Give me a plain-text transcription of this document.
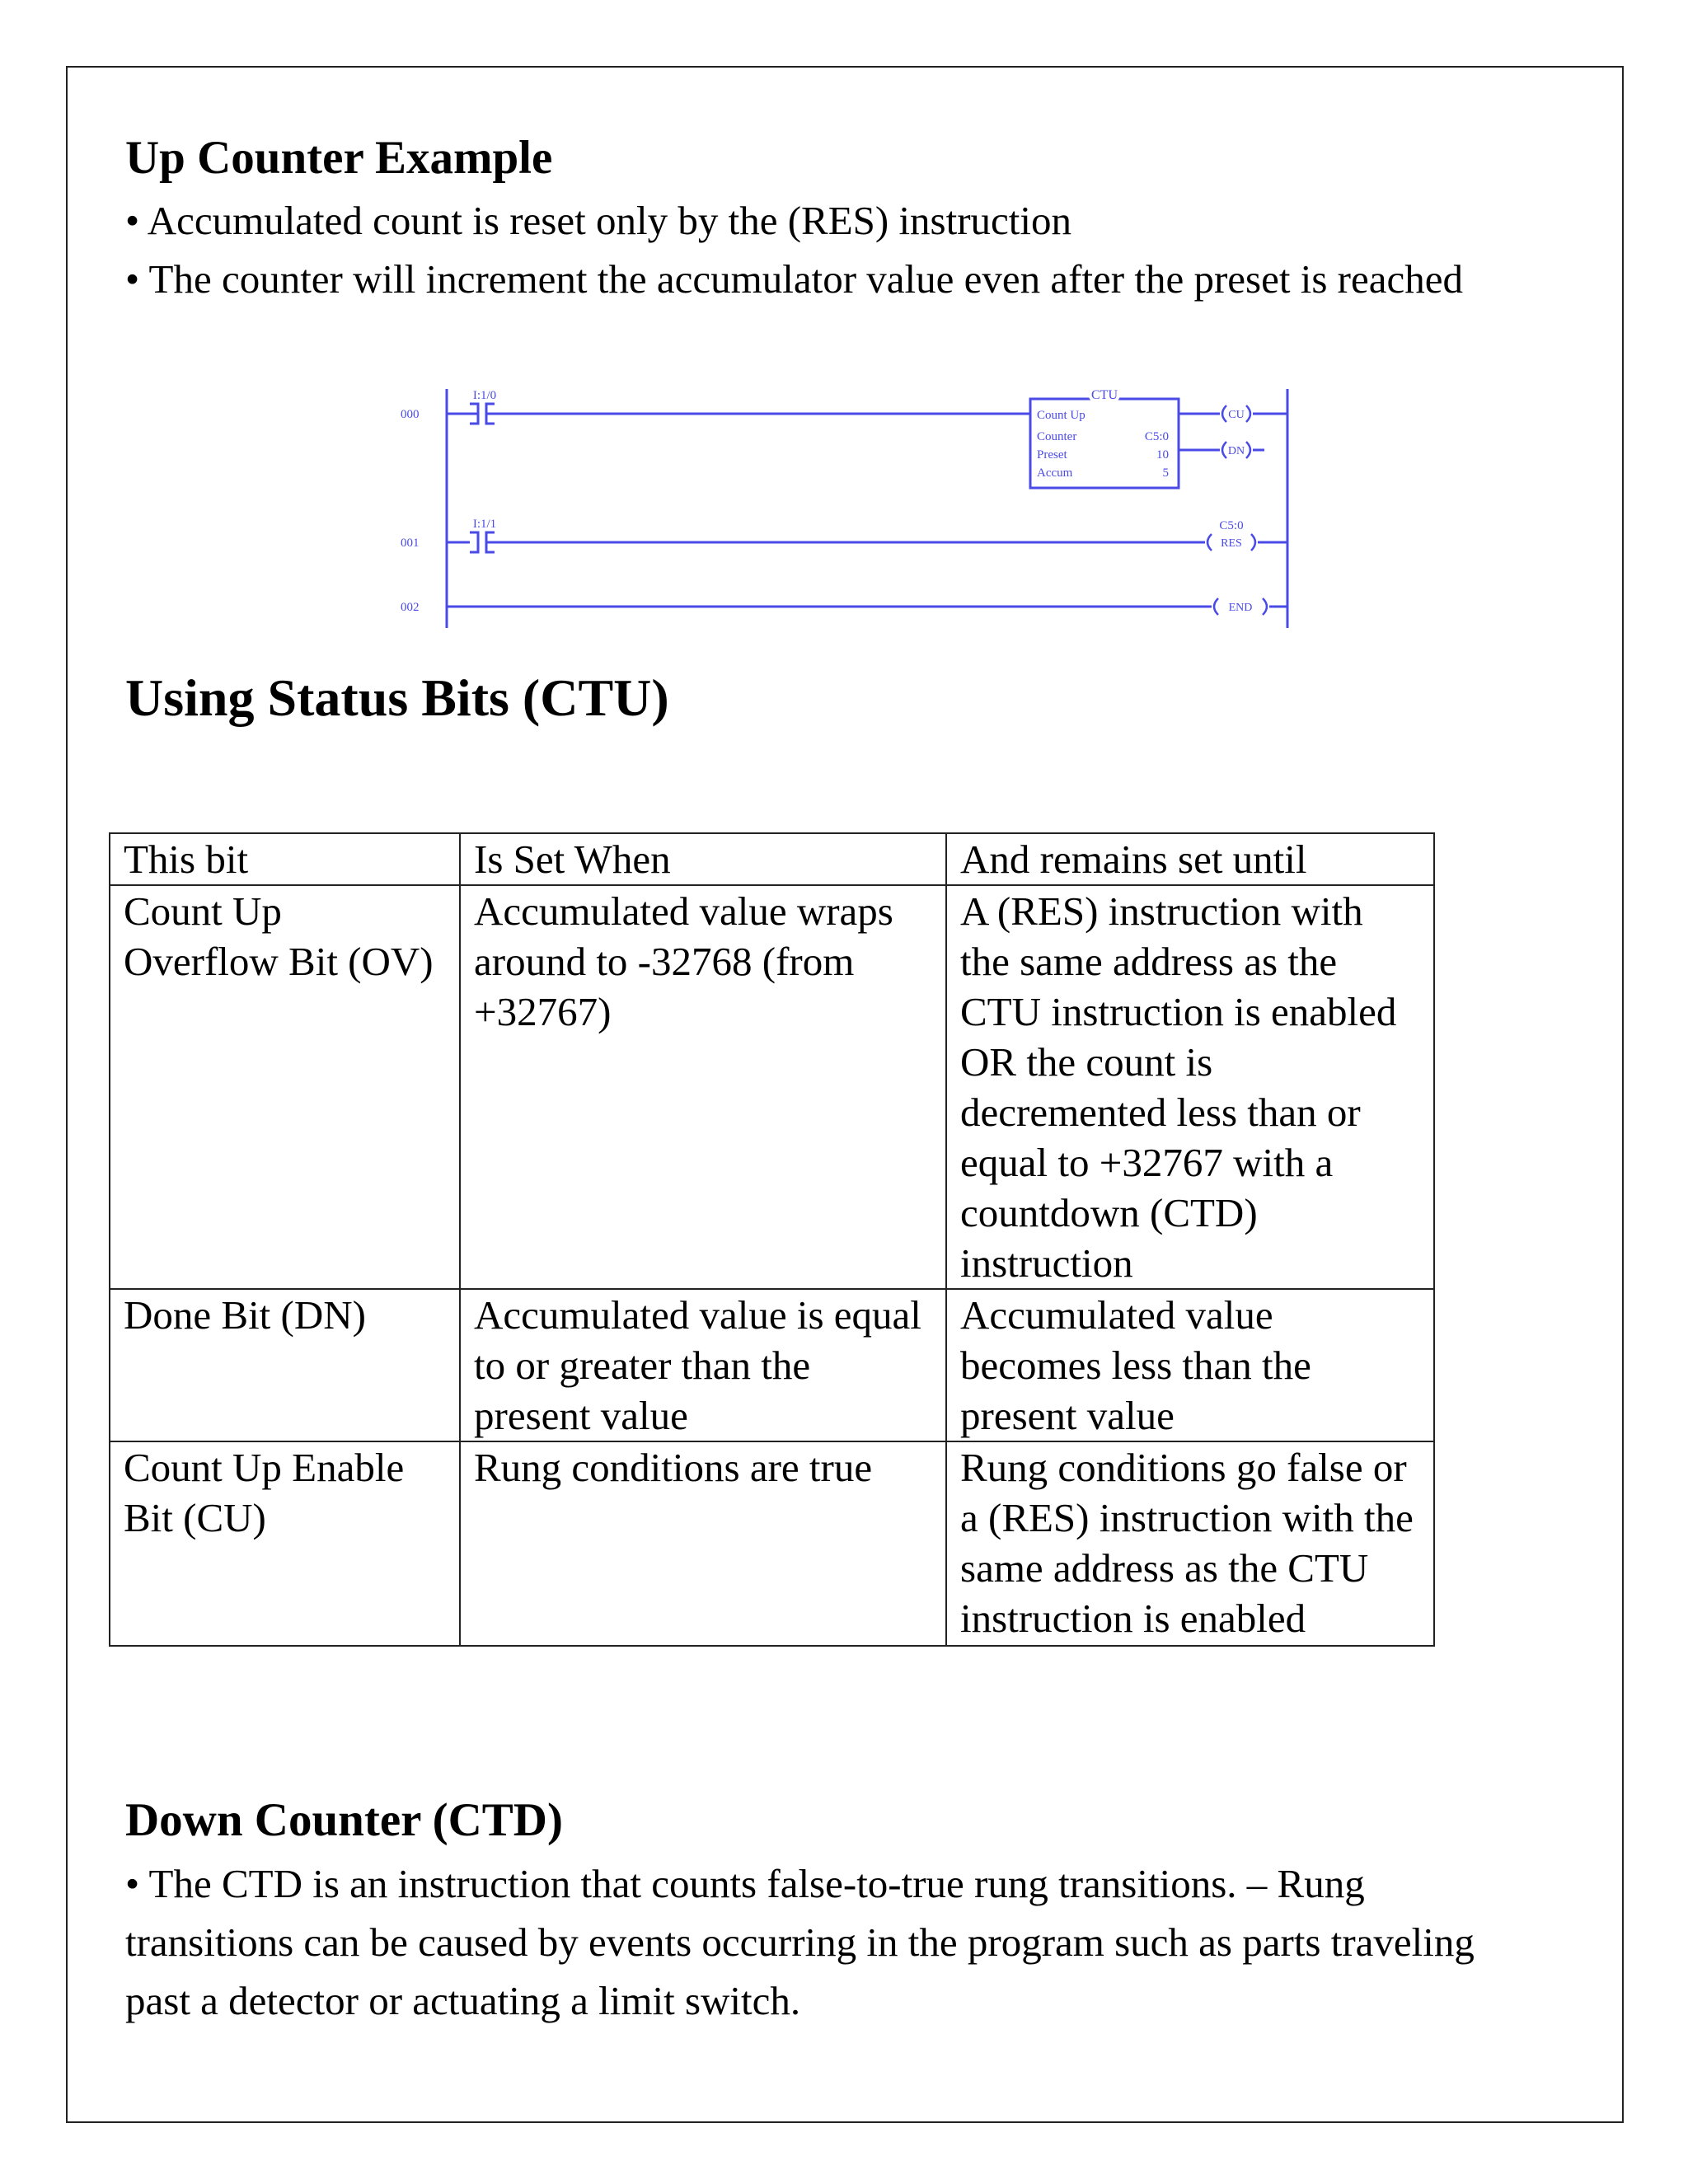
Up Counter Example

• Accumulated count is reset only by the (RES) instruction

• The counter will increment the accumulator value even after the preset is reached

000
001
002
I:1/0
I:1/1
CTU
Count Up
Counter	C5:0
Preset	10
Accum	5
CU
DN
C5:0
RES
END
Using Status Bits (CTU)
This bit	Is Set When	And remains set until
Count Up Overflow Bit (OV)	Accumulated value wraps around to -32768 (from +32767)	A (RES) instruction with the same address as the CTU instruction is enabled OR the count is decremented less than or equal to +32767 with a countdown (CTD) instruction
Done Bit (DN)	Accumulated value is equal to or greater than the present value	Accumulated value becomes less than the present value
Count Up Enable Bit (CU)	Rung conditions are true	Rung conditions go false or a (RES) instruction with the same address as the CTU instruction is enabled
Down Counter (CTD)

• The CTD is an instruction that counts false-to-true rung transitions. – Rung transitions can be caused by events occurring in the program such as parts traveling past a detector or actuating a limit switch.
